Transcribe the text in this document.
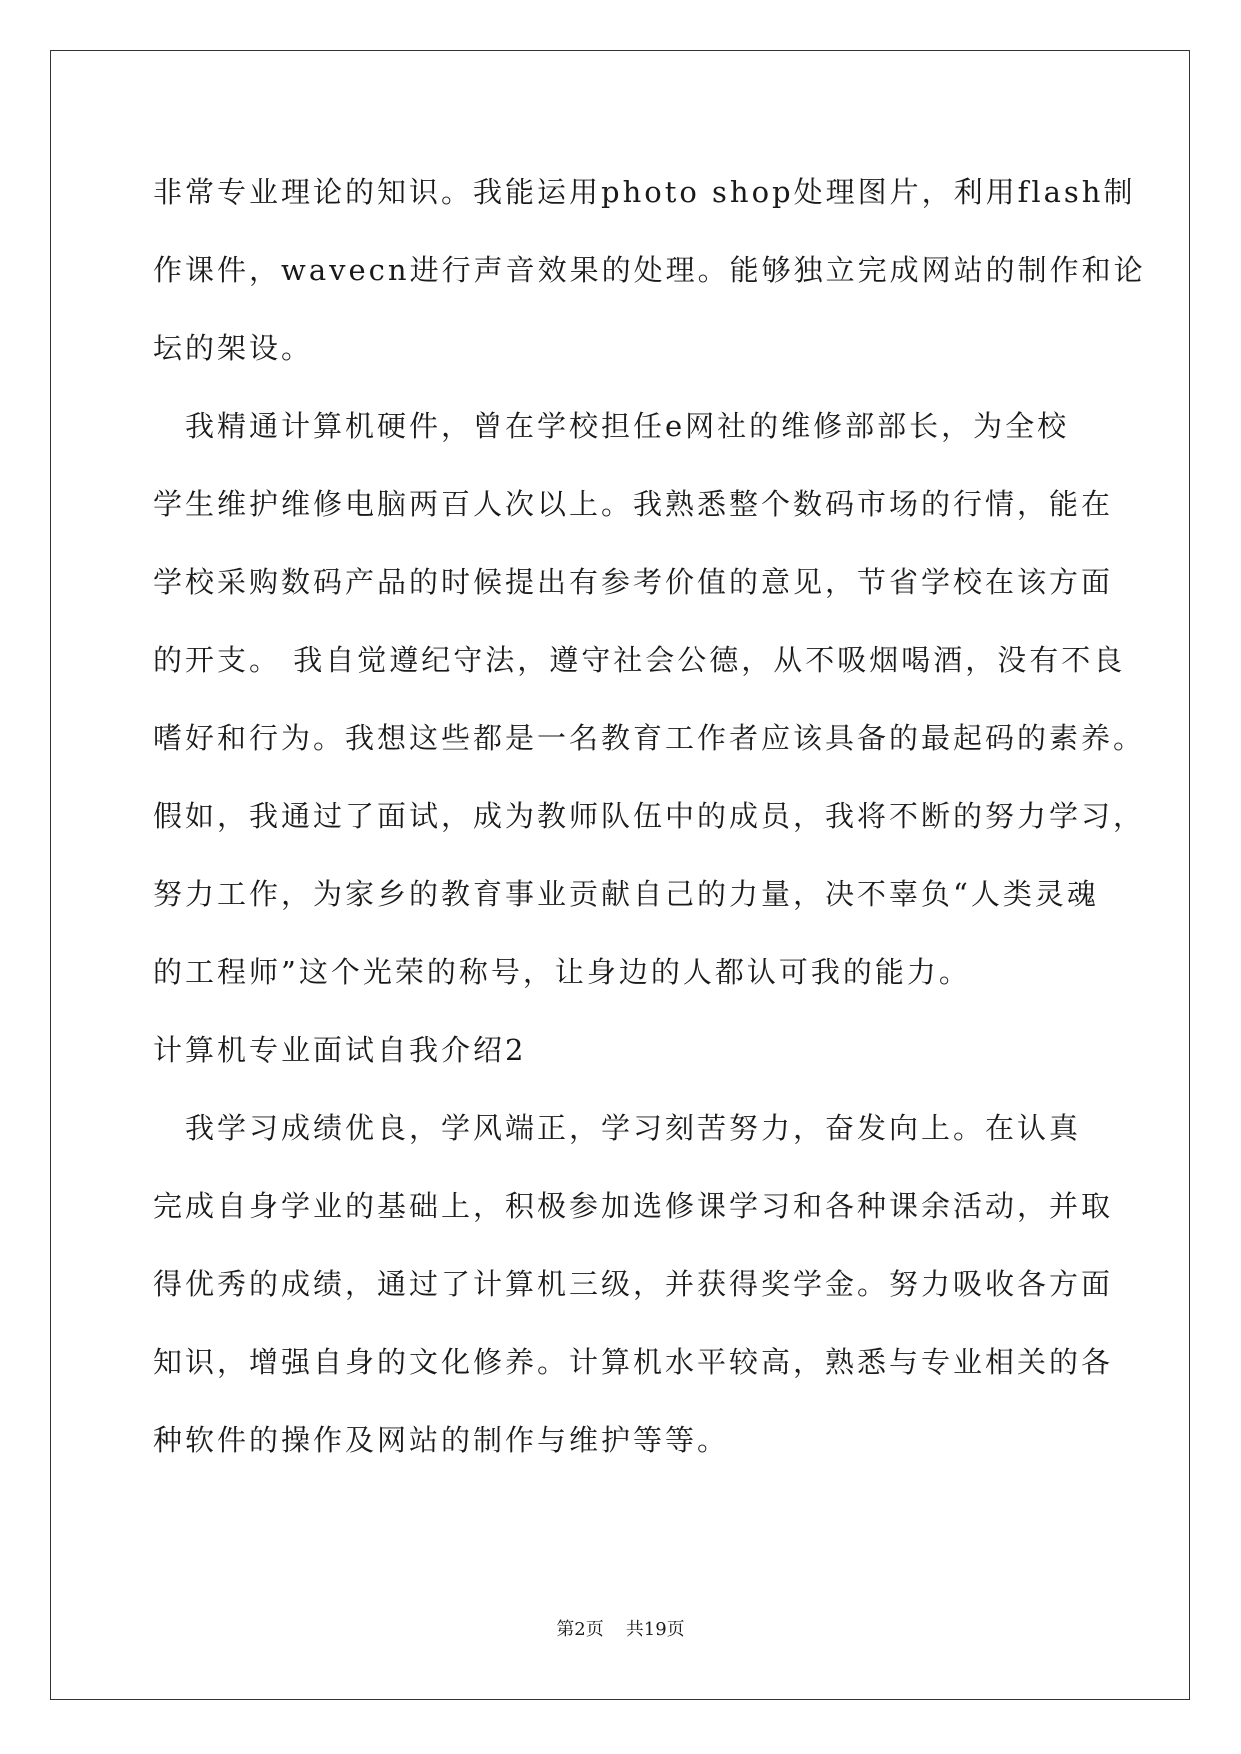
非常专业理论的知识。我能运用photo shop处理图片，利用flash制
作课件，wavecn进行声音效果的处理。能够独立完成网站的制作和论
坛的架设。
　我精通计算机硬件，曾在学校担任e网社的维修部部长，为全校
学生维护维修电脑两百人次以上。我熟悉整个数码市场的行情，能在
学校采购数码产品的时候提出有参考价值的意见，节省学校在该方面
的开支。 我自觉遵纪守法，遵守社会公德，从不吸烟喝酒，没有不良
嗜好和行为。我想这些都是一名教育工作者应该具备的最起码的素养。
假如，我通过了面试，成为教师队伍中的成员，我将不断的努力学习，
努力工作，为家乡的教育事业贡献自己的力量，决不辜负“人类灵魂
的工程师”这个光荣的称号，让身边的人都认可我的能力。
计算机专业面试自我介绍2
　我学习成绩优良，学风端正，学习刻苦努力，奋发向上。在认真
完成自身学业的基础上，积极参加选修课学习和各种课余活动，并取
得优秀的成绩，通过了计算机三级，并获得奖学金。努力吸收各方面
知识，增强自身的文化修养。计算机水平较高，熟悉与专业相关的各
种软件的操作及网站的制作与维护等等。
第2页 共19页
